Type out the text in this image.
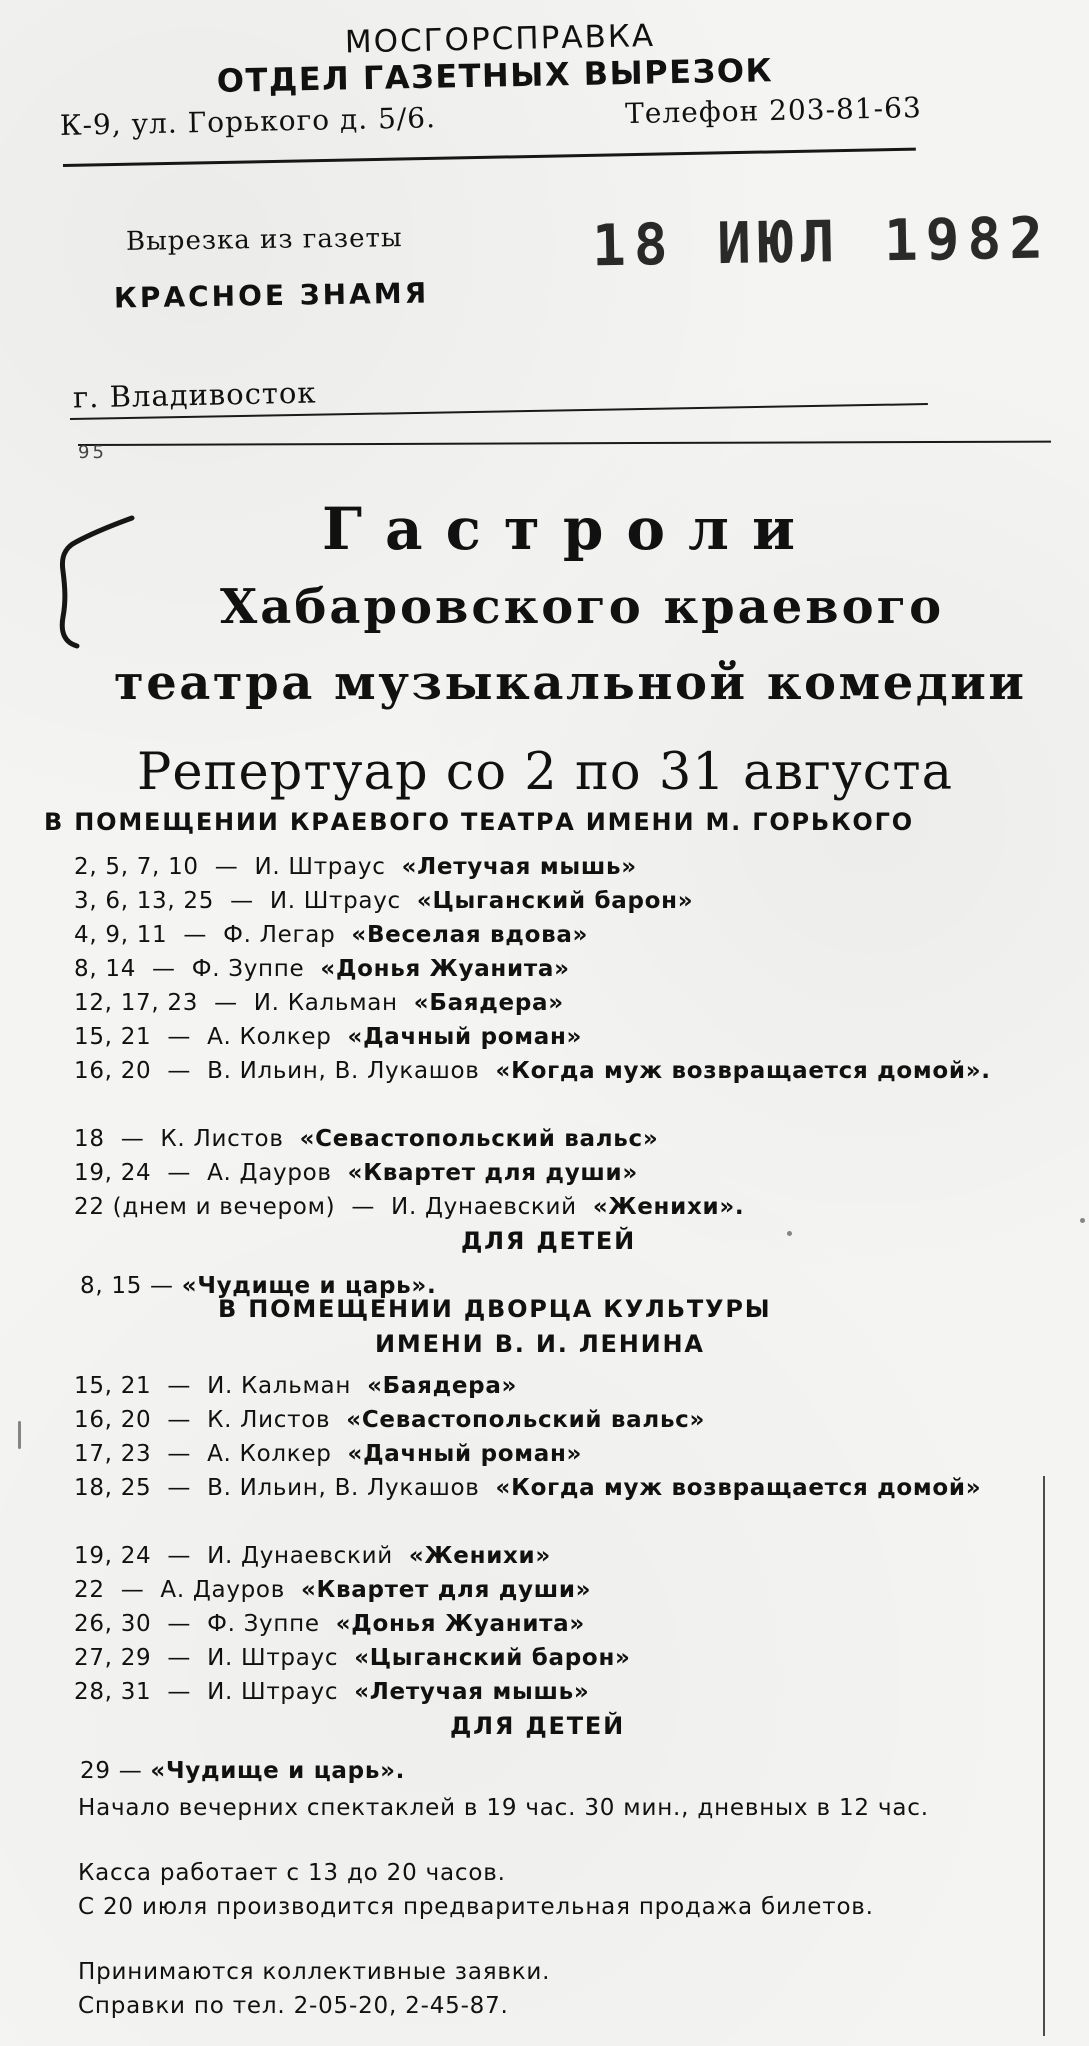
МОСГОРСПРАВКА
ОТДЕЛ ГАЗЕТНЫХ ВЫРЕЗОК
К-9, ул. Горького д. 5/6.	Телефон 203-81-63
Вырезка из газеты
КРАСНОЕ ЗНАМЯ
18 ИЮЛ 1982
г. Владивосток
95
Гастроли
Хабаровского краевого
театра музыкальной комедии
Репертуар со 2 по 31 августа
В ПОМЕЩЕНИИ КРАЕВОГО ТЕАТРА ИМЕНИ М. ГОРЬКОГО
2, 5, 7, 10 — И. Штраус «Летучая мышь»
3, 6, 13, 25 — И. Штраус «Цыганский барон»
4, 9, 11 — Ф. Легар «Веселая вдова»
8, 14 — Ф. Зуппе «Донья Жуанита»
12, 17, 23 — И. Кальман «Баядера»
15, 21 — А. Колкер «Дачный роман»
16, 20 — В. Ильин, В. Лукашов «Когда муж возвращается домой».
18 — К. Листов «Севастопольский вальс»
19, 24 — А. Дауров «Квартет для души»
22 (днем и вечером) — И. Дунаевский «Женихи».
ДЛЯ ДЕТЕЙ
8, 15 — «Чудище и царь».
В ПОМЕЩЕНИИ ДВОРЦА КУЛЬТУРЫ
ИМЕНИ В. И. ЛЕНИНА
15, 21 — И. Кальман «Баядера»
16, 20 — К. Листов «Севастопольский вальс»
17, 23 — А. Колкер «Дачный роман»
18, 25 — В. Ильин, В. Лукашов «Когда муж возвращается домой»
19, 24 — И. Дунаевский «Женихи»
22 — А. Дауров «Квартет для души»
26, 30 — Ф. Зуппе «Донья Жуанита»
27, 29 — И. Штраус «Цыганский барон»
28, 31 — И. Штраус «Летучая мышь»
ДЛЯ ДЕТЕЙ
29 — «Чудище и царь».

Начало вечерних спектаклей в 19 час. 30 мин., дневных в 12 час.

Касса работает с 13 до 20 часов.

С 20 июля производится предварительная продажа билетов.

Принимаются коллективные заявки.

Справки по тел. 2-05-20, 2-45-87.
